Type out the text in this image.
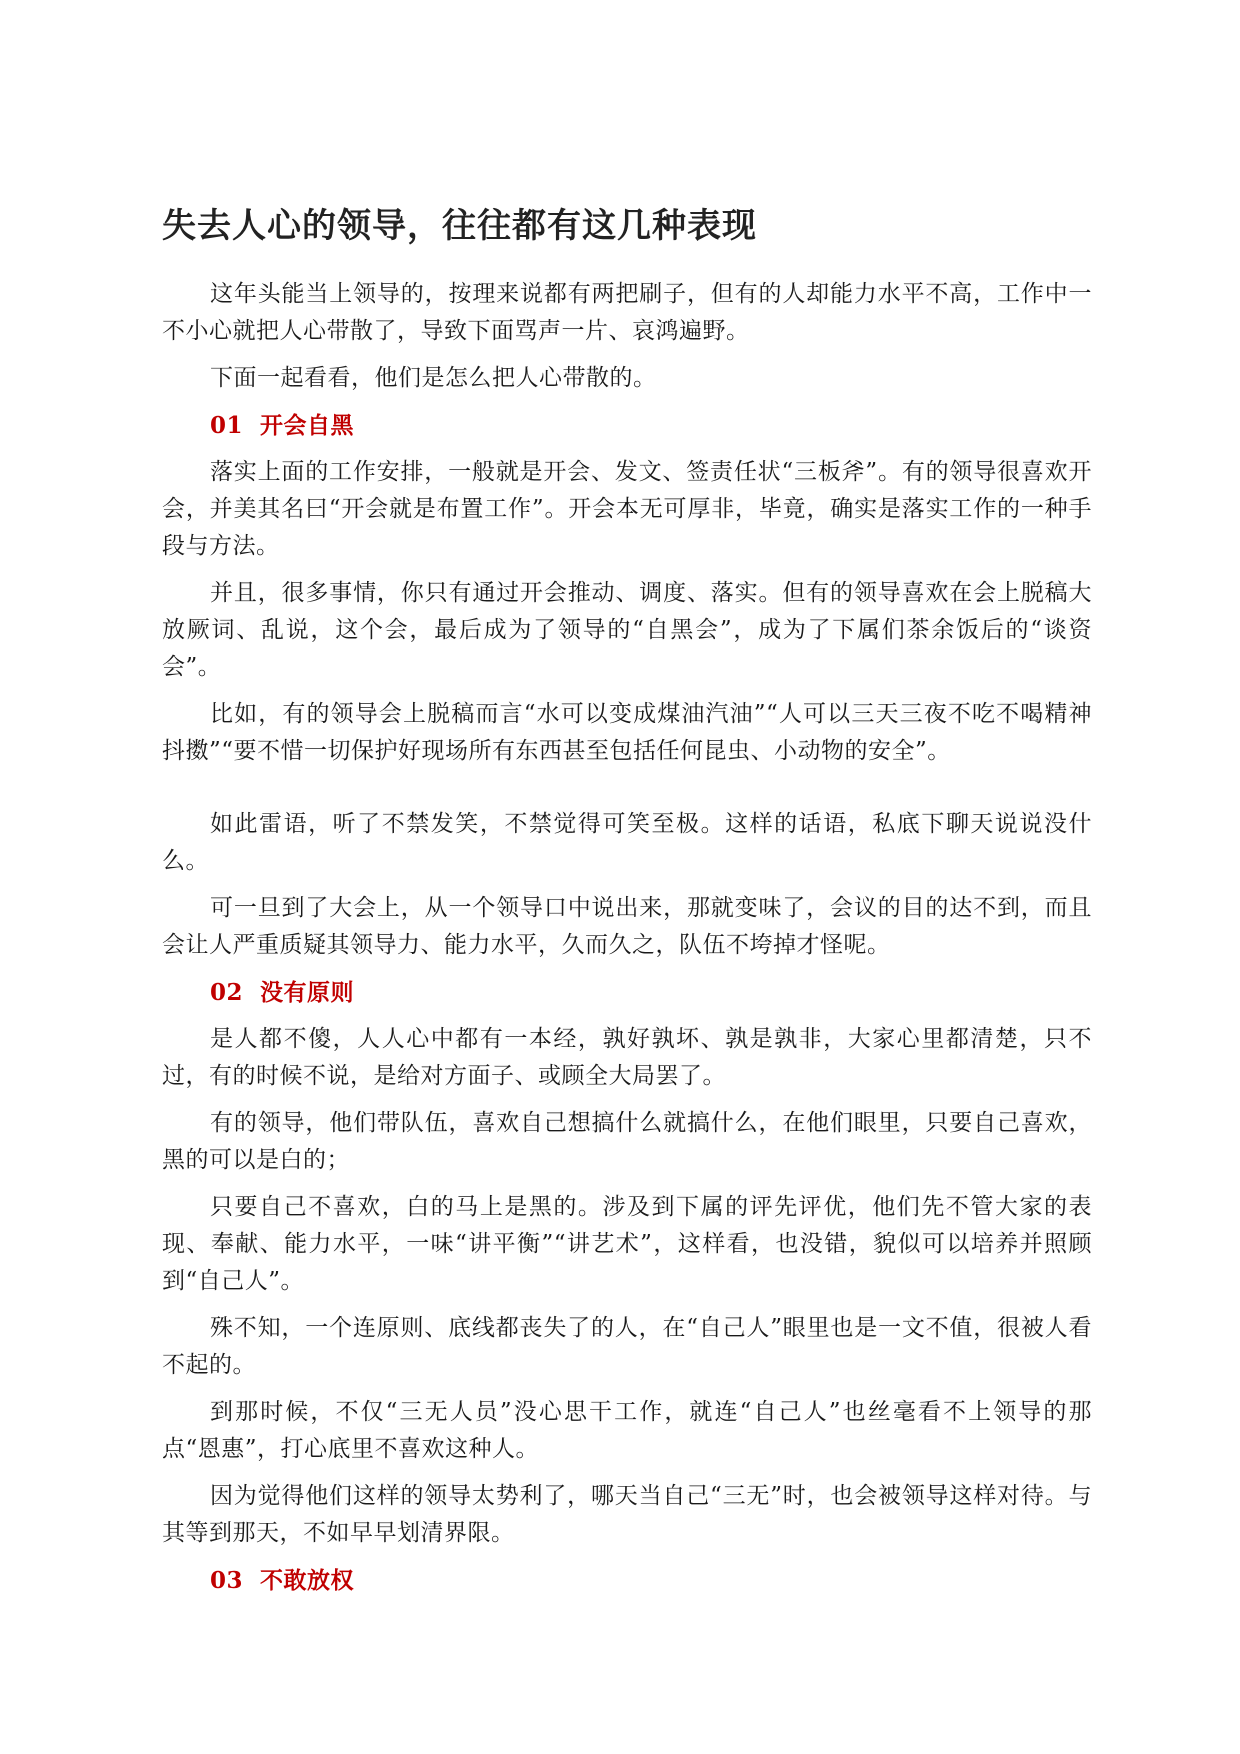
失去人心的领导，往往都有这几种表现

这年头能当上领导的，按理来说都有两把刷子，但有的人却能力水平不高，工作中一不小心就把人心带散了，导致下面骂声一片、哀鸿遍野。

下面一起看看，他们是怎么把人心带散的。

01 开会自黑

落实上面的工作安排，一般就是开会、发文、签责任状“三板斧”。有的领导很喜欢开会，并美其名曰“开会就是布置工作”。开会本无可厚非，毕竟，确实是落实工作的一种手段与方法。

并且，很多事情，你只有通过开会推动、调度、落实。但有的领导喜欢在会上脱稿大放厥词、乱说，这个会，最后成为了领导的“自黑会”，成为了下属们茶余饭后的“谈资会”。

比如，有的领导会上脱稿而言“水可以变成煤油汽油”“人可以三天三夜不吃不喝精神抖擞”“要不惜一切保护好现场所有东西甚至包括任何昆虫、小动物的安全”。

如此雷语，听了不禁发笑，不禁觉得可笑至极。这样的话语，私底下聊天说说没什么。

可一旦到了大会上，从一个领导口中说出来，那就变味了，会议的目的达不到，而且会让人严重质疑其领导力、能力水平，久而久之，队伍不垮掉才怪呢。

02 没有原则

是人都不傻，人人心中都有一本经，孰好孰坏、孰是孰非，大家心里都清楚，只不过，有的时候不说，是给对方面子、或顾全大局罢了。

有的领导，他们带队伍，喜欢自己想搞什么就搞什么，在他们眼里，只要自己喜欢，黑的可以是白的；

只要自己不喜欢，白的马上是黑的。涉及到下属的评先评优，他们先不管大家的表现、奉献、能力水平，一味“讲平衡”“讲艺术”，这样看，也没错，貌似可以培养并照顾到“自己人”。

殊不知，一个连原则、底线都丧失了的人，在“自己人”眼里也是一文不值，很被人看不起的。

到那时候，不仅“三无人员”没心思干工作，就连“自己人”也丝毫看不上领导的那点“恩惠”，打心底里不喜欢这种人。

因为觉得他们这样的领导太势利了，哪天当自己“三无”时，也会被领导这样对待。与其等到那天，不如早早划清界限。

03 不敢放权
